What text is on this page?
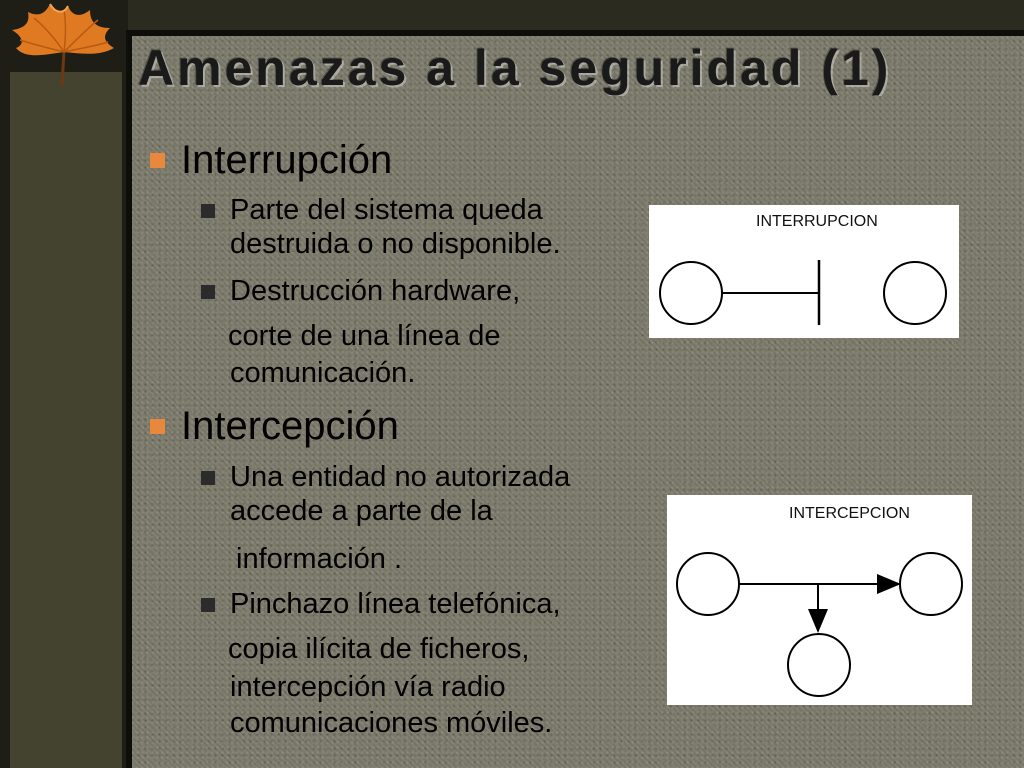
Amenazas a la seguridad (1)
Interrupción
Parte del sistema queda
destruida o no disponible.
Destrucción hardware,
corte de una línea de
comunicación.
Intercepción
Una entidad no autorizada
accede a parte de la
información .
Pinchazo línea telefónica,
copia ilícita de ficheros,
intercepción vía radio
comunicaciones móviles.
INTERRUPCION
INTERCEPCION
